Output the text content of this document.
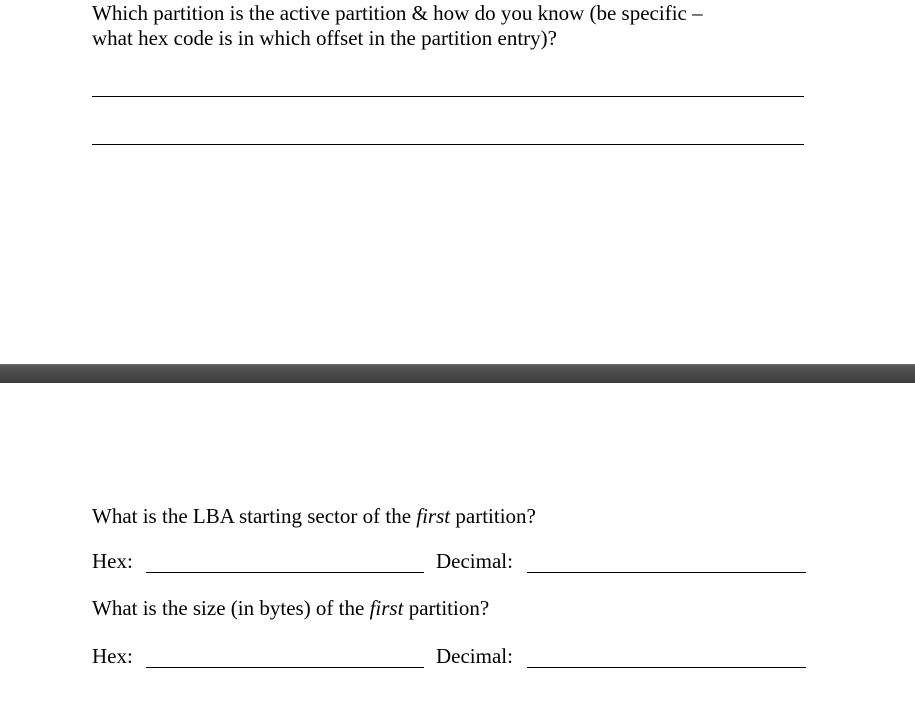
Which partition is the active partition & how do you know (be specific –
what hex code is in which offset in the partition entry)?
What is the LBA starting sector of the first partition?
Hex:	Decimal:
What is the size (in bytes) of the first partition?
Hex:	Decimal:
